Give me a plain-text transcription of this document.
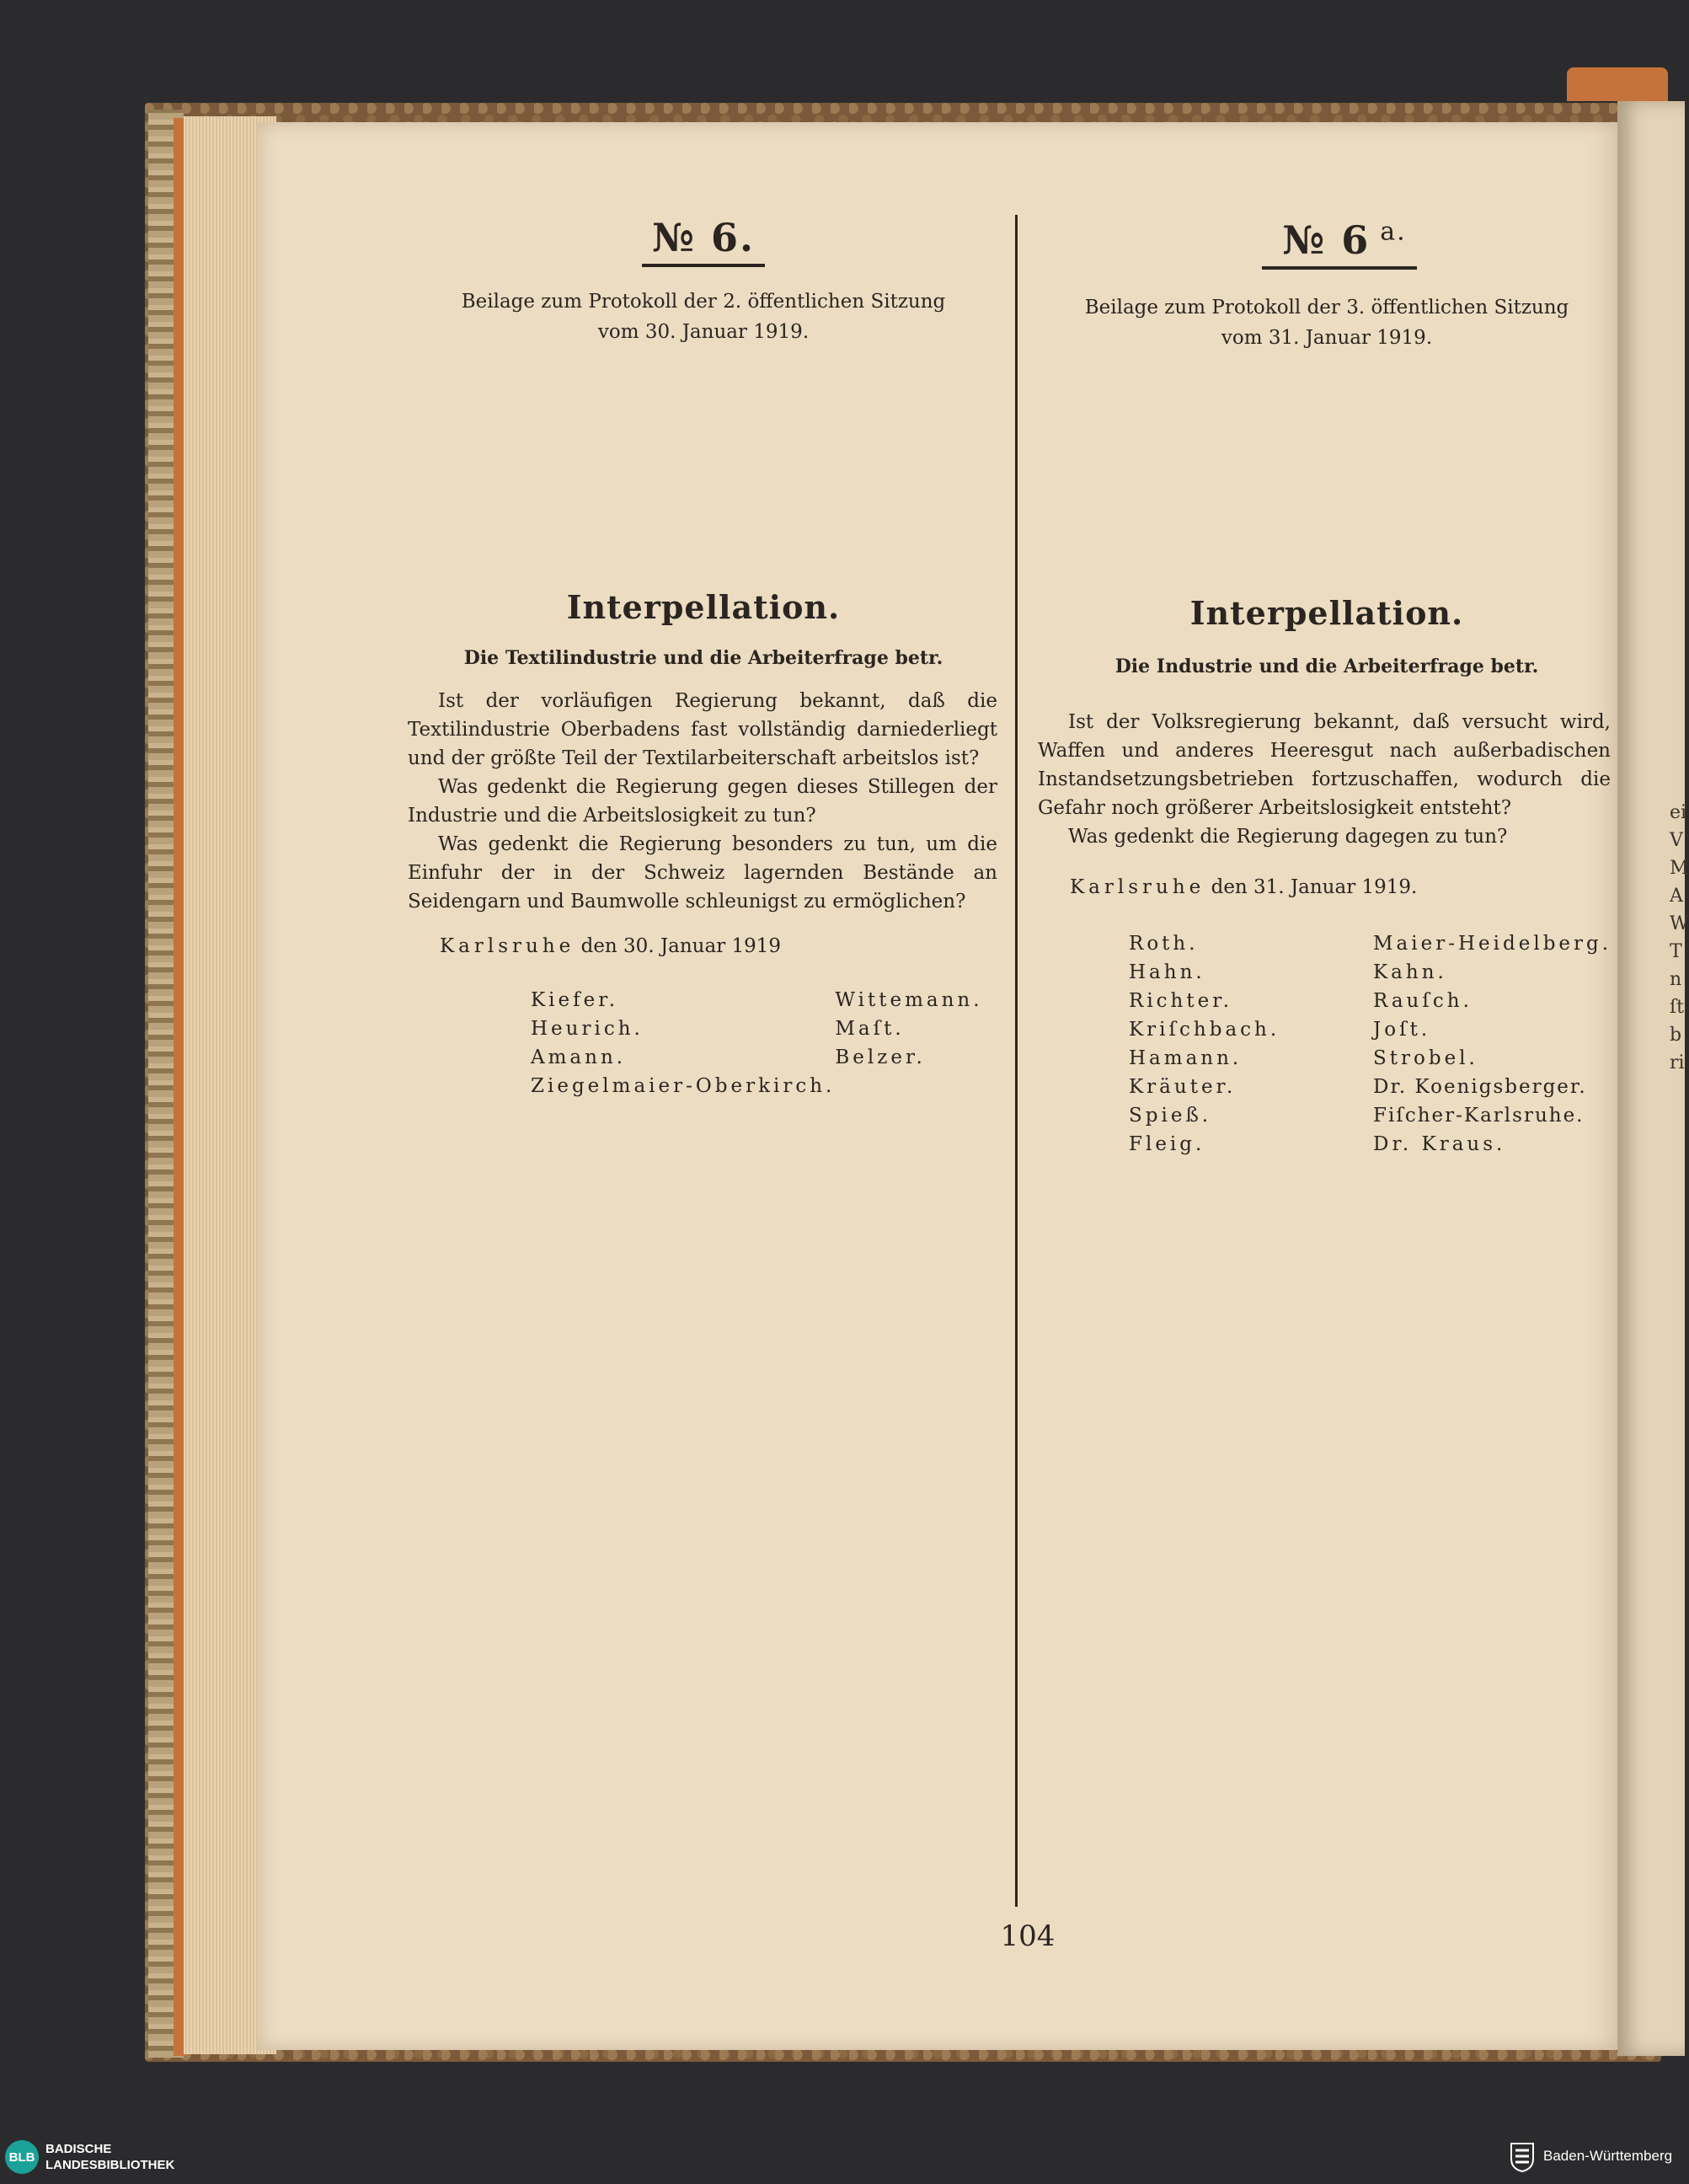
ei
V
M
A
W
T
n
ſt
b
ri
№ 6.
Beilage zum Protokoll der 2. öffentlichen Sitzung
vom 30. Januar 1919.
Interpellation.
Die Textilindustrie und die Arbeiterfrage betr.

Ist der vorläufigen Regierung bekannt, daß die Textilindustrie Oberbadens fast vollständig darniederliegt und der größte Teil der Textilarbeiterschaft arbeitslos ist?

Was gedenkt die Regierung gegen dieses Stillegen der Industrie und die Arbeitslosigkeit zu tun?

Was gedenkt die Regierung besonders zu tun, um die Einfuhr der in der Schweiz lagernden Bestände an Seidengarn und Baumwolle schleunigst zu ermöglichen?

Karlsruhe den 30. Januar 1919
Kiefer.	Wittemann.
Heurich.	Maſt.
Amann.	Belzer.
Ziegelmaier-Oberkirch.
№ 6 $^{a.}$
Beilage zum Protokoll der 3. öffentlichen Sitzung
vom 31. Januar 1919.
Interpellation.
Die Industrie und die Arbeiterfrage betr.

Ist der Volksregierung bekannt, daß versucht wird, Waffen und anderes Heeresgut nach außerbadischen Instandsetzungsbetrieben fortzuschaffen, wodurch die Gefahr noch größerer Arbeitslosigkeit entsteht?

Was gedenkt die Regierung dagegen zu tun?

Karlsruhe den 31. Januar 1919.
Roth.	Maier-Heidelberg.
Hahn.	Kahn.
Richter.	Rauſch.
Kriſchbach.	Joſt.
Hamann.	Strobel.
Kräuter.	Dr. Koenigsberger.
Spieß.	Fiſcher-Karlsruhe.
Fleig.	Dr. Kraus.
104
BLB
BADISCHE
LANDESBIBLIOTHEK
Baden-Württemberg
